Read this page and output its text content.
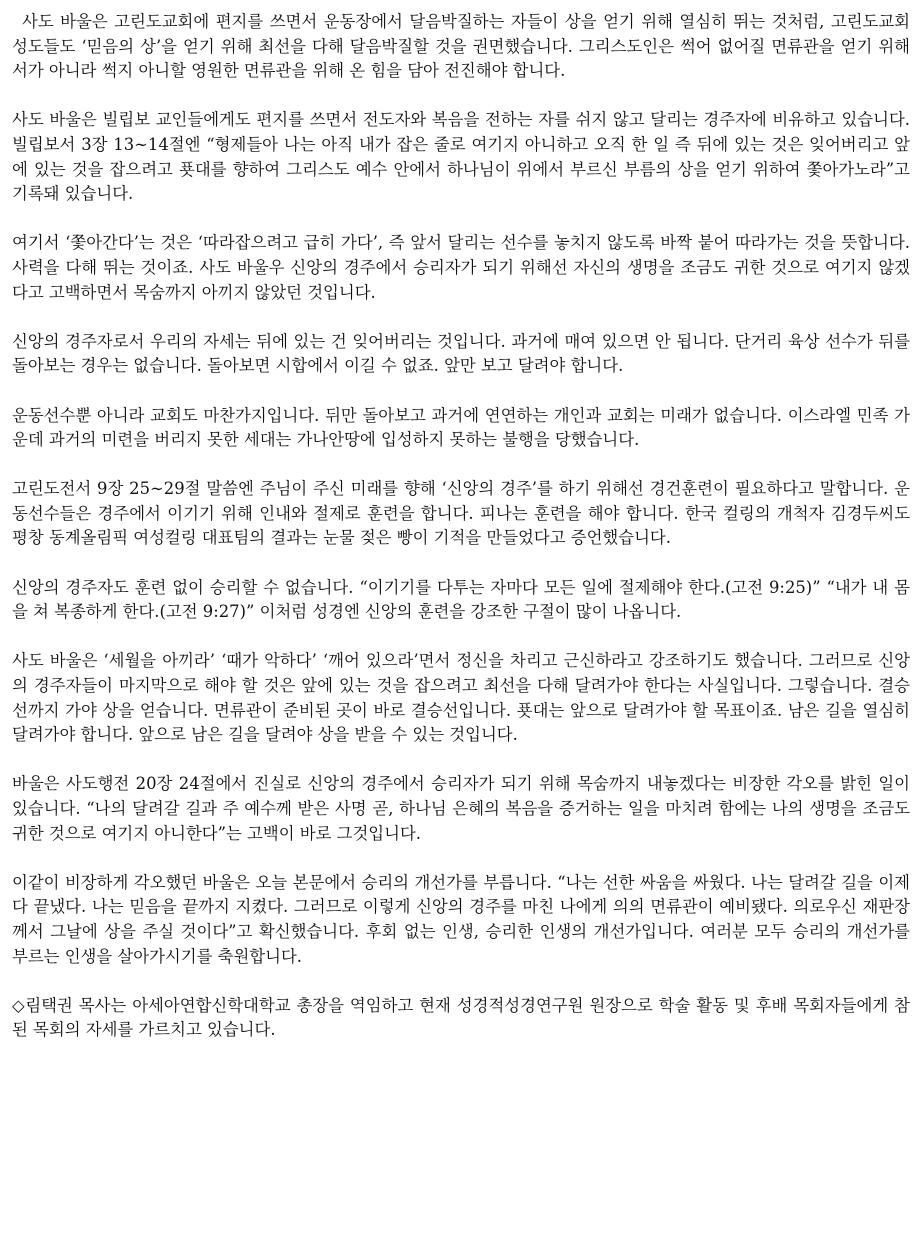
사도 바울은 고린도교회에 편지를 쓰면서 운동장에서 달음박질하는 자들이 상을 얻기 위해 열심히 뛰는 것처럼, 고린도교회 성도들도 ‘믿음의 상’을 얻기 위해 최선을 다해 달음박질할 것을 권면했습니다. 그리스도인은 썩어 없어질 면류관을 얻기 위해서가 아니라 썩지 아니할 영원한 면류관을 위해 온 힘을 담아 전진해야 합니다.

사도 바울은 빌립보 교인들에게도 편지를 쓰면서 전도자와 복음을 전하는 자를 쉬지 않고 달리는 경주자에 비유하고 있습니다. 빌립보서 3장 13∼14절엔 “형제들아 나는 아직 내가 잡은 줄로 여기지 아니하고 오직 한 일 즉 뒤에 있는 것은 잊어버리고 앞에 있는 것을 잡으려고 푯대를 향하여 그리스도 예수 안에서 하나님이 위에서 부르신 부름의 상을 얻기 위하여 쫓아가노라”고 기록돼 있습니다.

여기서 ‘쫓아간다’는 것은 ‘따라잡으려고 급히 가다’, 즉 앞서 달리는 선수를 놓치지 않도록 바짝 붙어 따라가는 것을 뜻합니다. 사력을 다해 뛰는 것이죠. 사도 바울우 신앙의 경주에서 승리자가 되기 위해선 자신의 생명을 조금도 귀한 것으로 여기지 않겠다고 고백하면서 목숨까지 아끼지 않았던 것입니다.

신앙의 경주자로서 우리의 자세는 뒤에 있는 건 잊어버리는 것입니다. 과거에 매여 있으면 안 됩니다. 단거리 육상 선수가 뒤를 돌아보는 경우는 없습니다. 돌아보면 시합에서 이길 수 없죠. 앞만 보고 달려야 합니다.

운동선수뿐 아니라 교회도 마찬가지입니다. 뒤만 돌아보고 과거에 연연하는 개인과 교회는 미래가 없습니다. 이스라엘 민족 가운데 과거의 미련을 버리지 못한 세대는 가나안땅에 입성하지 못하는 불행을 당했습니다.

고린도전서 9장 25∼29절 말씀엔 주님이 주신 미래를 향해 ‘신앙의 경주’를 하기 위해선 경건훈련이 필요하다고 말합니다. 운동선수들은 경주에서 이기기 위해 인내와 절제로 훈련을 합니다. 피나는 훈련을 해야 합니다. 한국 컬링의 개척자 김경두씨도 평창 동계올림픽 여성컬링 대표팀의 결과는 눈물 젖은 빵이 기적을 만들었다고 증언했습니다.

신앙의 경주자도 훈련 없이 승리할 수 없습니다. “이기기를 다투는 자마다 모든 일에 절제해야 한다.(고전 9:25)” “내가 내 몸을 쳐 복종하게 한다.(고전 9:27)” 이처럼 성경엔 신앙의 훈련을 강조한 구절이 많이 나옵니다.

사도 바울은 ‘세월을 아끼라’ ‘때가 악하다’ ‘깨어 있으라’면서 정신을 차리고 근신하라고 강조하기도 했습니다. 그러므로 신앙의 경주자들이 마지막으로 해야 할 것은 앞에 있는 것을 잡으려고 최선을 다해 달려가야 한다는 사실입니다. 그렇습니다. 결승선까지 가야 상을 얻습니다. 면류관이 준비된 곳이 바로 결승선입니다. 푯대는 앞으로 달려가야 할 목표이죠. 남은 길을 열심히 달려가야 합니다. 앞으로 남은 길을 달려야 상을 받을 수 있는 것입니다.

바울은 사도행전 20장 24절에서 진실로 신앙의 경주에서 승리자가 되기 위해 목숨까지 내놓겠다는 비장한 각오를 밝힌 일이 있습니다. “나의 달려갈 길과 주 예수께 받은 사명 곧, 하나님 은혜의 복음을 증거하는 일을 마치려 함에는 나의 생명을 조금도 귀한 것으로 여기지 아니한다”는 고백이 바로 그것입니다.

이같이 비장하게 각오했던 바울은 오늘 본문에서 승리의 개선가를 부릅니다. “나는 선한 싸움을 싸웠다. 나는 달려갈 길을 이제 다 끝냈다. 나는 믿음을 끝까지 지켰다. 그러므로 이렇게 신앙의 경주를 마친 나에게 의의 면류관이 예비됐다. 의로우신 재판장께서 그날에 상을 주실 것이다”고 확신했습니다. 후회 없는 인생, 승리한 인생의 개선가입니다. 여러분 모두 승리의 개선가를 부르는 인생을 살아가시기를 축원합니다.

◇림택권 목사는 아세아연합신학대학교 총장을 역임하고 현재 성경적성경연구원 원장으로 학술 활동 및 후배 목회자들에게 참된 목회의 자세를 가르치고 있습니다.
